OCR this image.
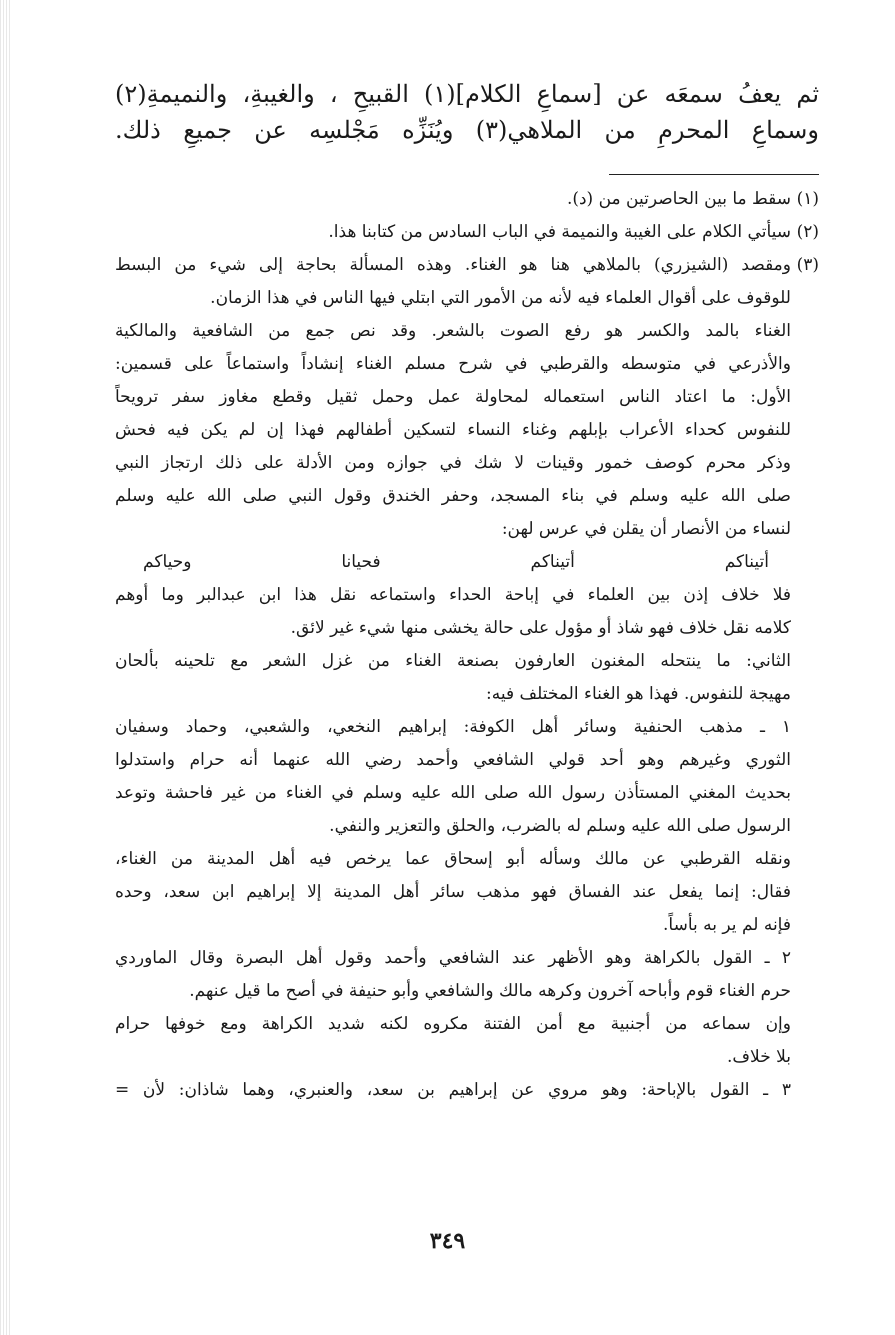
ثم يعفُ سمعَه عن [سماعِ الكلام](١) القبيحِ ، والغيبةِ، والنميمةِ(٢)
وسماعِ المحرمِ من الملاهي(٣) ويُنَزِّه مَجْلسِه عن جميعِ ذلك.
(١)
سقط ما بين الحاصرتين من (د).
(٢)
سيأتي الكلام على الغيبة والنميمة في الباب السادس من كتابنا هذا.
(٣)
ومقصد (الشيزري) بالملاهي هنا هو الغناء. وهذه المسألة بحاجة إلى شيء من البسط
للوقوف على أقوال العلماء فيه لأنه من الأمور التي ابتلي فيها الناس في هذا الزمان.
الغناء بالمد والكسر هو رفع الصوت بالشعر. وقد نص جمع من الشافعية والمالكية
والأذرعي في متوسطه والقرطبي في شرح مسلم الغناء إنشاداً واستماعاً على قسمين:
الأول: ما اعتاد الناس استعماله لمحاولة عمل وحمل ثقيل وقطع مغاوز سفر ترويحاً
للنفوس كحداء الأعراب بإبلهم وغناء النساء لتسكين أطفالهم فهذا إن لم يكن فيه فحش
وذكر محرم كوصف خمور وقينات لا شك في جوازه ومن الأدلة على ذلك ارتجاز النبي
صلى الله عليه وسلم في بناء المسجد، وحفر الخندق وقول النبي صلى الله عليه وسلم
لنساء من الأنصار أن يقلن في عرس لهن:
أتيناكم
أتيناكم
فحيانا
وحياكم
فلا خلاف إذن بين العلماء في إباحة الحداء واستماعه نقل هذا ابن عبدالبر وما أوهم
كلامه نقل خلاف فهو شاذ أو مؤول على حالة يخشى منها شيء غير لائق.
الثاني: ما ينتحله المغنون العارفون بصنعة الغناء من غزل الشعر مع تلحينه بألحان
مهيجة للنفوس. فهذا هو الغناء المختلف فيه:
١ ـ مذهب الحنفية وسائر أهل الكوفة: إبراهيم النخعي، والشعبي، وحماد وسفيان
الثوري وغيرهم وهو أحد قولي الشافعي وأحمد رضي الله عنهما أنه حرام واستدلوا
بحديث المغني المستأذن رسول الله صلى الله عليه وسلم في الغناء من غير فاحشة وتوعد
الرسول صلى الله عليه وسلم له بالضرب، والحلق والتعزير والنفي.
ونقله القرطبي عن مالك وسأله أبو إسحاق عما يرخص فيه أهل المدينة من الغناء،
فقال: إنما يفعل عند الفساق فهو مذهب سائر أهل المدينة إلا إبراهيم ابن سعد، وحده
فإنه لم ير به بأساً.
٢ ـ القول بالكراهة وهو الأظهر عند الشافعي وأحمد وقول أهل البصرة وقال الماوردي
حرم الغناء قوم وأباحه آخرون وكرهه مالك والشافعي وأبو حنيفة في أصح ما قيل عنهم.
وإن سماعه من أجنبية مع أمن الفتنة مكروه لكنه شديد الكراهة ومع خوفها حرام
بلا خلاف.
٣ ـ القول بالإباحة: وهو مروي عن إبراهيم بن سعد، والعنبري، وهما شاذان: لأن =
٣٤٩
